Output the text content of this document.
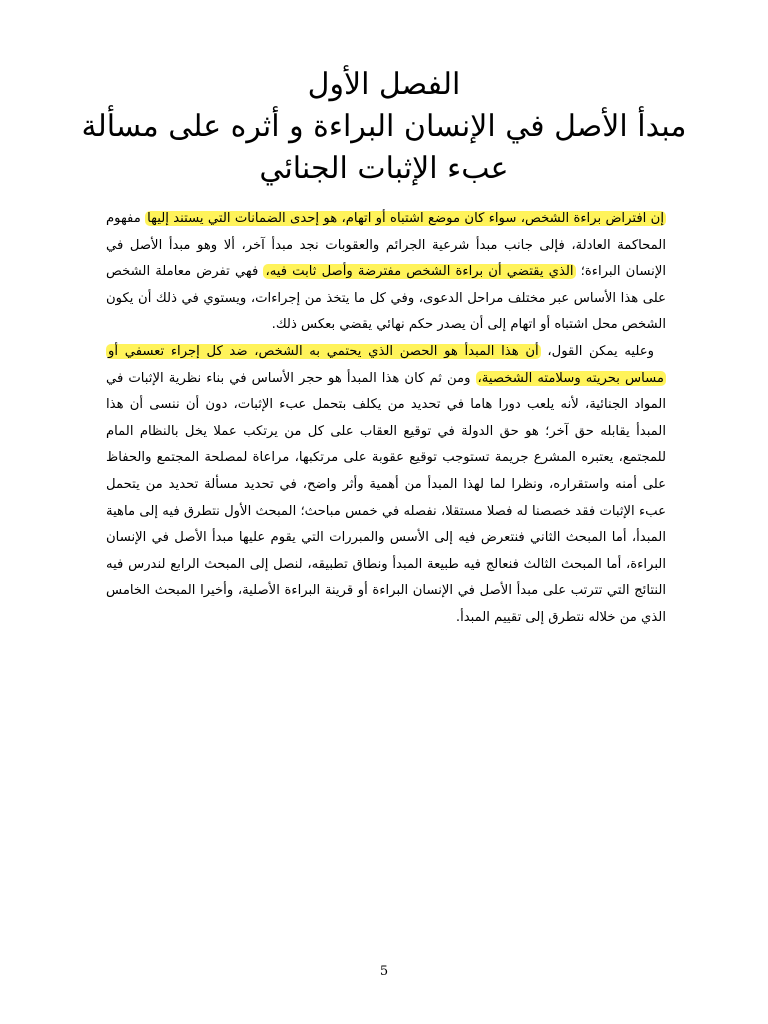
الفصل الأول
مبدأ الأصل في الإنسان البراءة و أثره على مسألة
عبء الإثبات الجنائي

إن افتراض براءة الشخص، سواء كان موضع اشتباه أو اتهام، هو إحدى الضمانات التي يستند إليها مفهوم المحاكمة العادلة، فإلى جانب مبدأ شرعية الجرائم والعقوبات نجد مبدأ آخر، ألا وهو مبدأ الأصل في الإنسان البراءة؛ الذي يقتضي أن براءة الشخص مفترضة وأصل ثابت فيه، فهي تفرض معاملة الشخص على هذا الأساس عبر مختلف مراحل الدعوى، وفي كل ما يتخذ من إجراءات، ويستوي في ذلك أن يكون الشخص محل اشتباه أو اتهام إلى أن يصدر حكم نهائي يقضي بعكس ذلك.

وعليه يمكن القول، أن هذا المبدأ هو الحصن الذي يحتمي به الشخص، ضد كل إجراء تعسفي أو مساس بحريته وسلامته الشخصية، ومن ثم كان هذا المبدأ هو حجر الأساس في بناء نظرية الإثبات في المواد الجنائية، لأنه يلعب دورا هاما في تحديد من يكلف بتحمل عبء الإثبات، دون أن ننسى أن هذا المبدأ يقابله حق آخر؛ هو حق الدولة في توقيع العقاب على كل من يرتكب عملا يخل بالنظام المام للمجتمع، يعتبره المشرع جريمة تستوجب توقيع عقوبة على مرتكبها، مراعاة لمصلحة المجتمع والحفاظ على أمنه واستقراره، ونظرا لما لهذا المبدأ من أهمية وأثر واضح، في تحديد مسألة تحديد من يتحمل عبء الإثبات فقد خصصنا له فصلا مستقلا، نفصله في خمس مباحث؛ المبحث الأول نتطرق فيه إلى ماهية المبدأ، أما المبحث الثاني فنتعرض فيه إلى الأسس والمبررات التي يقوم عليها مبدأ الأصل في الإنسان البراءة، أما المبحث الثالث فنعالج فيه طبيعة المبدأ ونطاق تطبيقه، لنصل إلى المبحث الرابع لندرس فيه النتائج التي تترتب على مبدأ الأصل في الإنسان البراءة أو قرينة البراءة الأصلية، وأخيرا المبحث الخامس الذي من خلاله نتطرق إلى تقييم المبدأ.

5
